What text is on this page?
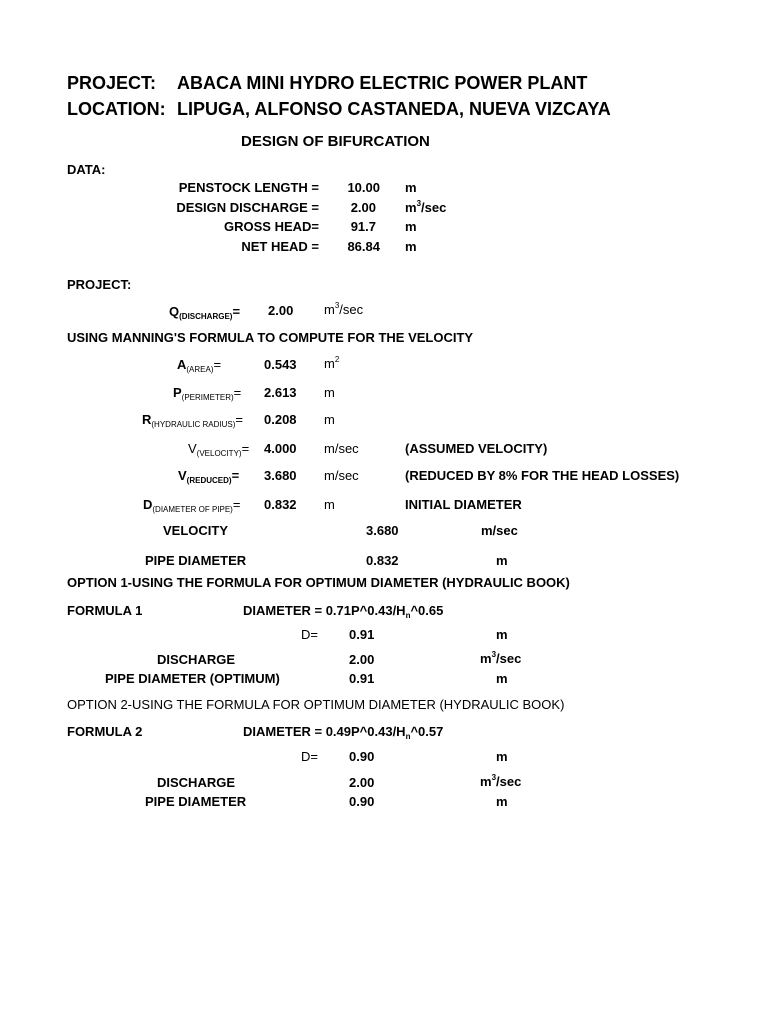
PROJECT: ABACA MINI HYDRO ELECTRIC POWER PLANT
LOCATION: LIPUGA, ALFONSO CASTANEDA, NUEVA VIZCAYA
DESIGN OF BIFURCATION
DATA:
PENSTOCK LENGTH =	10.00 m
DESIGN DISCHARGE =	2.00 $m^3/\sec$
GROSS HEAD=	91.7 m
NET HEAD =	86.84 m
PROJECT:
$Q_{(DISCHARGE)}= 2.00$ $m^3/\sec$
USING MANNING'S FORMULA TO COMPUTE FOR THE VELOCITY
$A_{(AREA)}=$	0.543 $m^2$
$P_{(PERIMETER)}= 2.613$ m
$R_{(HYDRAULIC RADIUS)}= 0.208$ m
$V_{(VELOCITY)}= 4.000$ m/sec	(ASSUMED VELOCITY)
$V_{(REDUCED)}= 3.680$ m/sec	(REDUCED BY 8% FOR THE HEAD LOSSES)
$D_{(DIAMETER OF PIPE)}= 0.832$ m	INITIAL DIAMETER
VELOCITY	3.680	m/sec
PIPE DIAMETER	0.832	m
OPTION 1-USING THE FORMULA FOR OPTIMUM DIAMETER (HYDRAULIC BOOK)
FORMULA 1	DIAMETER = $0.71P\^{}0.43/H_n\^{}0.65$
D= 0.91	m
DISCHARGE	2.00	$m^3/\sec$
PIPE DIAMETER (OPTIMUM)	0.91	m
OPTION 2-USING THE FORMULA FOR OPTIMUM DIAMETER (HYDRAULIC BOOK)
FORMULA 2	DIAMETER = $0.49P\^{}0.43/H_n\^{}0.57$
D= 0.90	m
DISCHARGE	2.00	$m^3/\sec$
PIPE DIAMETER	0.90	m
